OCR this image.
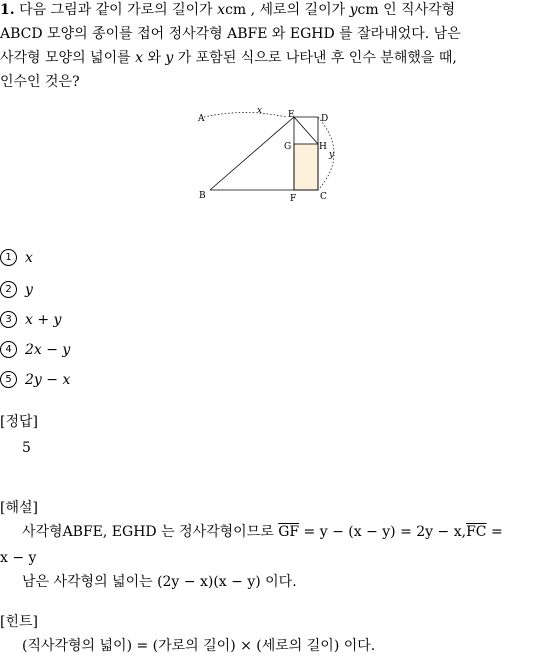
1. 다음 그림과 같이 가로의 길이가 xcm , 세로의 길이가 ycm 인 직사각형
ABCD 모양의 종이를 접어 정사각형 ABFE 와 EGHD 를 잘라내었다. 남은
사각형 모양의 넓이를 x 와 y 가 포함된 식으로 나타낸 후 인수 분해했을 때,
인수인 것은?
A
x	E	D
G	H
y
B	F	C
1 x
2 y
3 x + y
4 2x − y
5 2y − x
[정답]
5
[해설]
사각형ABFE, EGHD 는 정사각형이므로 $\overline{GF} = y - (x - y) = 2y - x,\overline{FC}$ =
x − y
남은 사각형의 넓이는 (2y − x)(x − y) 이다.
[힌트]
(직사각형의 넓이) = (가로의 길이) × (세로의 길이) 이다.
